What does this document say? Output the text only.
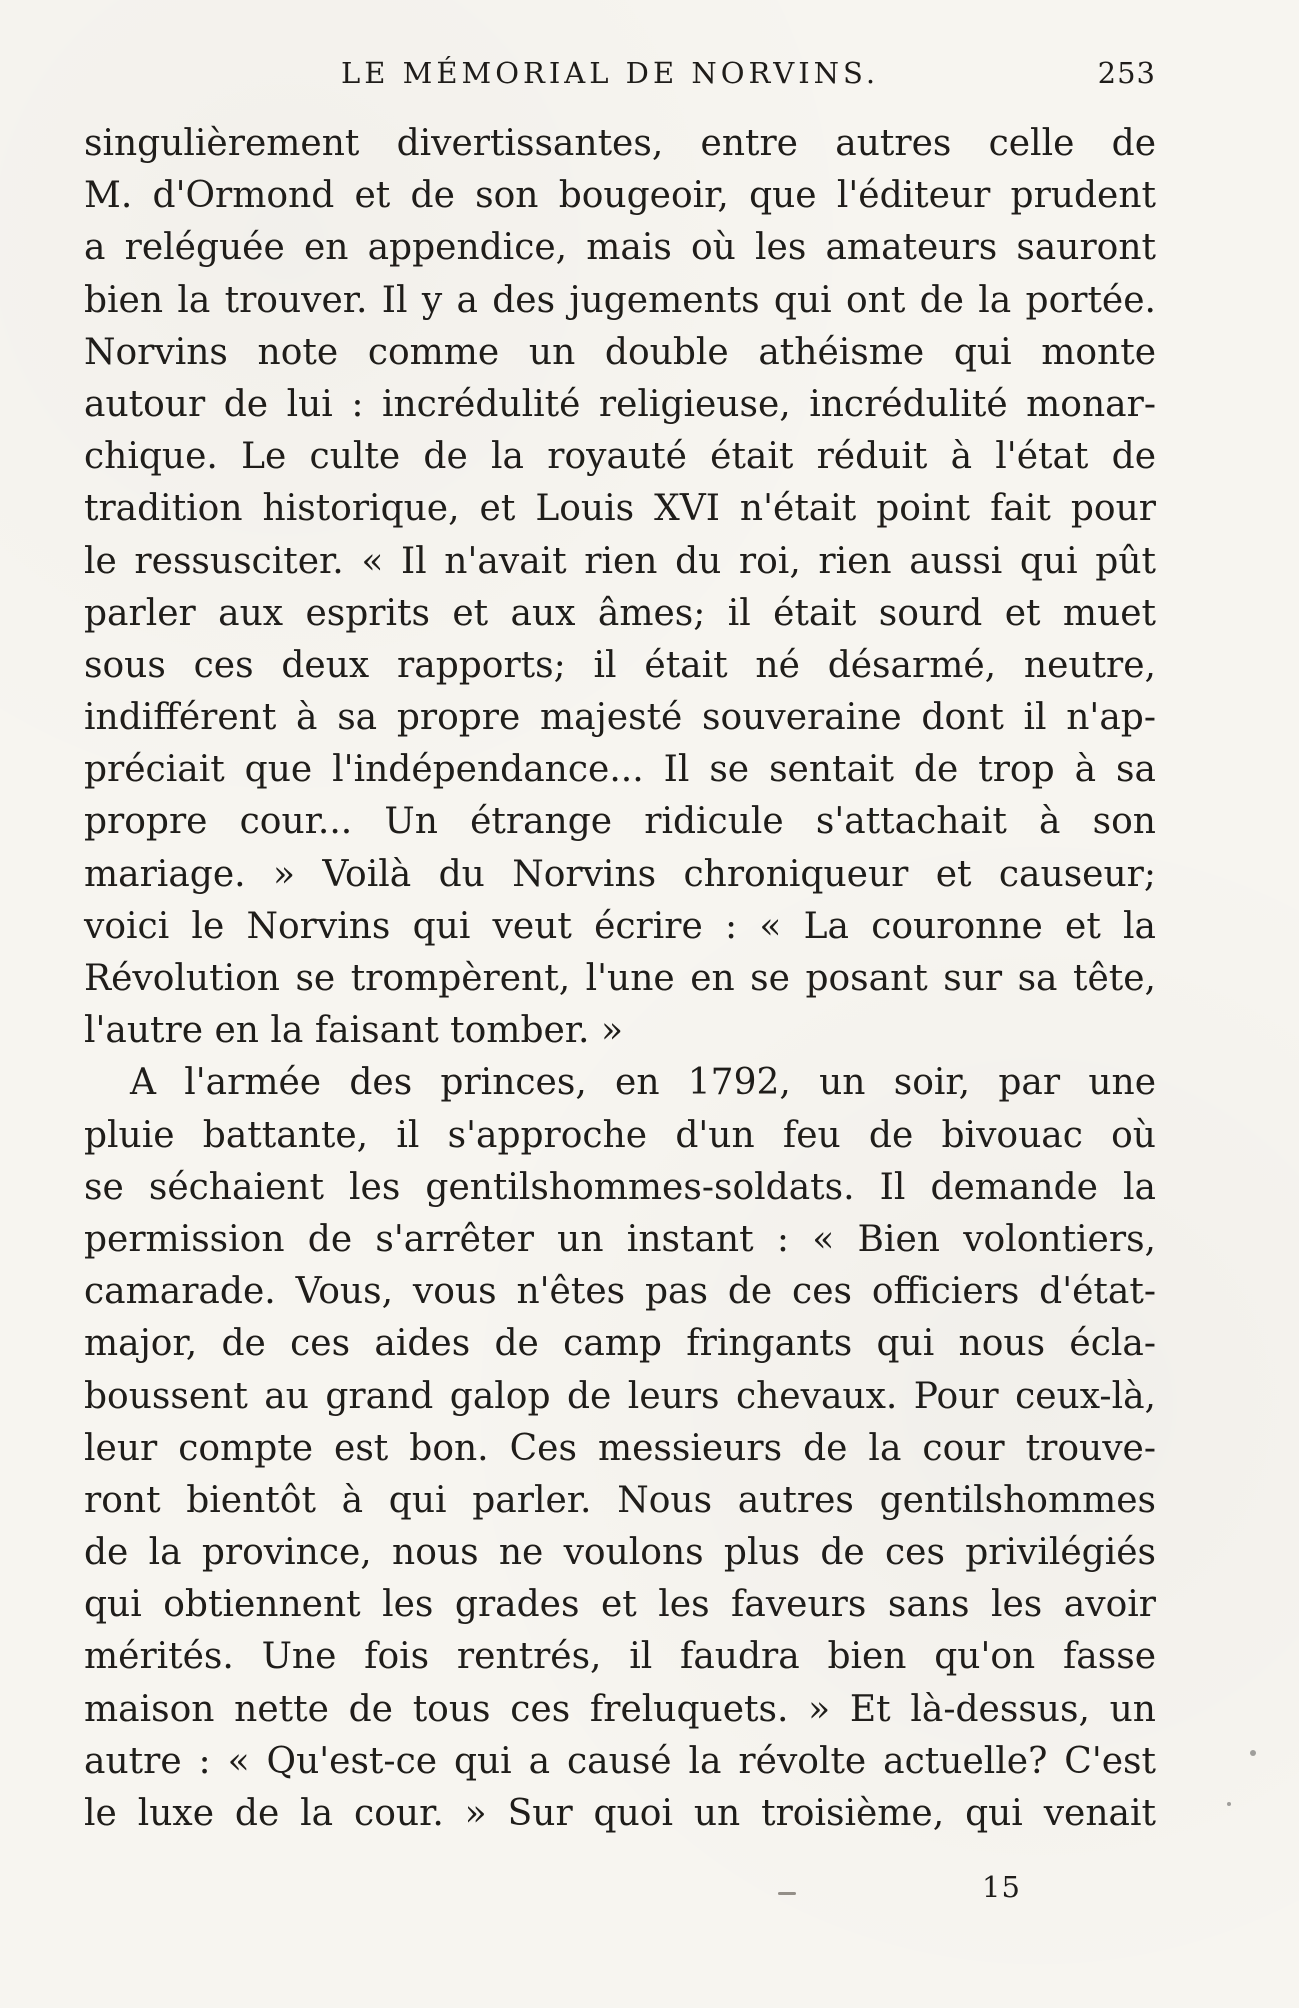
LE MÉMORIAL DE NORVINS.	253
singulièrement divertissantes, entre autres celle de
M. d'Ormond et de son bougeoir, que l'éditeur prudent
a reléguée en appendice, mais où les amateurs sauront
bien la trouver. Il y a des jugements qui ont de la portée.
Norvins note comme un double athéisme qui monte
autour de lui : incrédulité religieuse, incrédulité monar-
chique. Le culte de la royauté était réduit à l'état de
tradition historique, et Louis XVI n'était point fait pour
le ressusciter. « Il n'avait rien du roi, rien aussi qui pût
parler aux esprits et aux âmes; il était sourd et muet
sous ces deux rapports; il était né désarmé, neutre,
indifférent à sa propre majesté souveraine dont il n'ap-
préciait que l'indépendance... Il se sentait de trop à sa
propre cour... Un étrange ridicule s'attachait à son
mariage. » Voilà du Norvins chroniqueur et causeur;
voici le Norvins qui veut écrire : « La couronne et la
Révolution se trompèrent, l'une en se posant sur sa tête,
l'autre en la faisant tomber. »
A l'armée des princes, en 1792, un soir, par une
pluie battante, il s'approche d'un feu de bivouac où
se séchaient les gentilshommes-soldats. Il demande la
permission de s'arrêter un instant : « Bien volontiers,
camarade. Vous, vous n'êtes pas de ces officiers d'état-
major, de ces aides de camp fringants qui nous écla-
boussent au grand galop de leurs chevaux. Pour ceux-là,
leur compte est bon. Ces messieurs de la cour trouve-
ront bientôt à qui parler. Nous autres gentilshommes
de la province, nous ne voulons plus de ces privilégiés
qui obtiennent les grades et les faveurs sans les avoir
mérités. Une fois rentrés, il faudra bien qu'on fasse
maison nette de tous ces freluquets. » Et là-dessus, un
autre : « Qu'est-ce qui a causé la révolte actuelle? C'est
le luxe de la cour. » Sur quoi un troisième, qui venait
15
